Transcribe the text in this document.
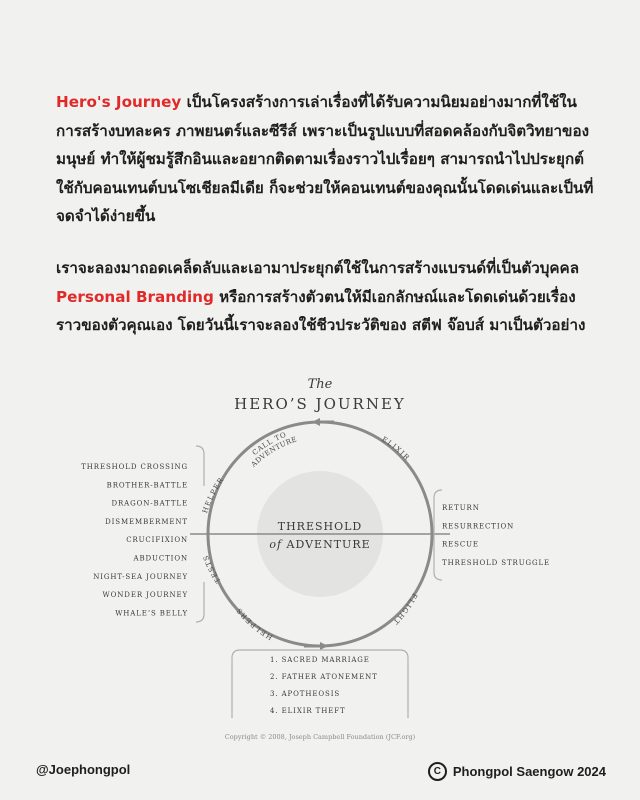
Hero's Journey เป็นโครงสร้างการเล่าเรื่องที่ได้รับความนิยมอย่างมากที่ใช้ในการสร้างบทละคร ภาพยนตร์และซีรีส์ เพราะเป็นรูปแบบที่สอดคล้องกับจิตวิทยาของมนุษย์ ทำให้ผู้ชมรู้สึกอินและอยากติดตามเรื่องราวไปเรื่อยๆ สามารถนำไปประยุกต์ใช้กับคอนเทนต์บนโซเชียลมีเดีย ก็จะช่วยให้คอนเทนต์ของคุณนั้นโดดเด่นและเป็นที่จดจำได้ง่ายขึ้น

เราจะลองมาถอดเคล็ดลับและเอามาประยุกต์ใช้ในการสร้างแบรนด์ที่เป็นตัวบุคคล Personal Branding หรือการสร้างตัวตนให้มีเอกลักษณ์และโดดเด่นด้วยเรื่องราวของตัวคุณเอง โดยวันนี้เราจะลองใช้ชีวประวัติของ สตีฟ จ๊อบส์ มาเป็นตัวอย่าง

The
HERO’S JOURNEY
THRESHOLD
of ADVENTURE
CALL TO
ADVENTURE	ELIXIR
HELPER
TESTS
HELPERS
FLIGHT
THRESHOLD CROSSING
BROTHER-BATTLE
DRAGON-BATTLE
DISMEMBERMENT
CRUCIFIXION
ABDUCTION
NIGHT-SEA JOURNEY
WONDER JOURNEY
WHALE’S BELLY
RETURN
RESURRECTION
RESCUE
THRESHOLD STRUGGLE
1. SACRED MARRIAGE
2. FATHER ATONEMENT
3. APOTHEOSIS
4. ELIXIR THEFT
Copyright © 2008, Joseph Campbell Foundation (JCF.org)
@Joephongpol	C Phongpol Saengow 2024
